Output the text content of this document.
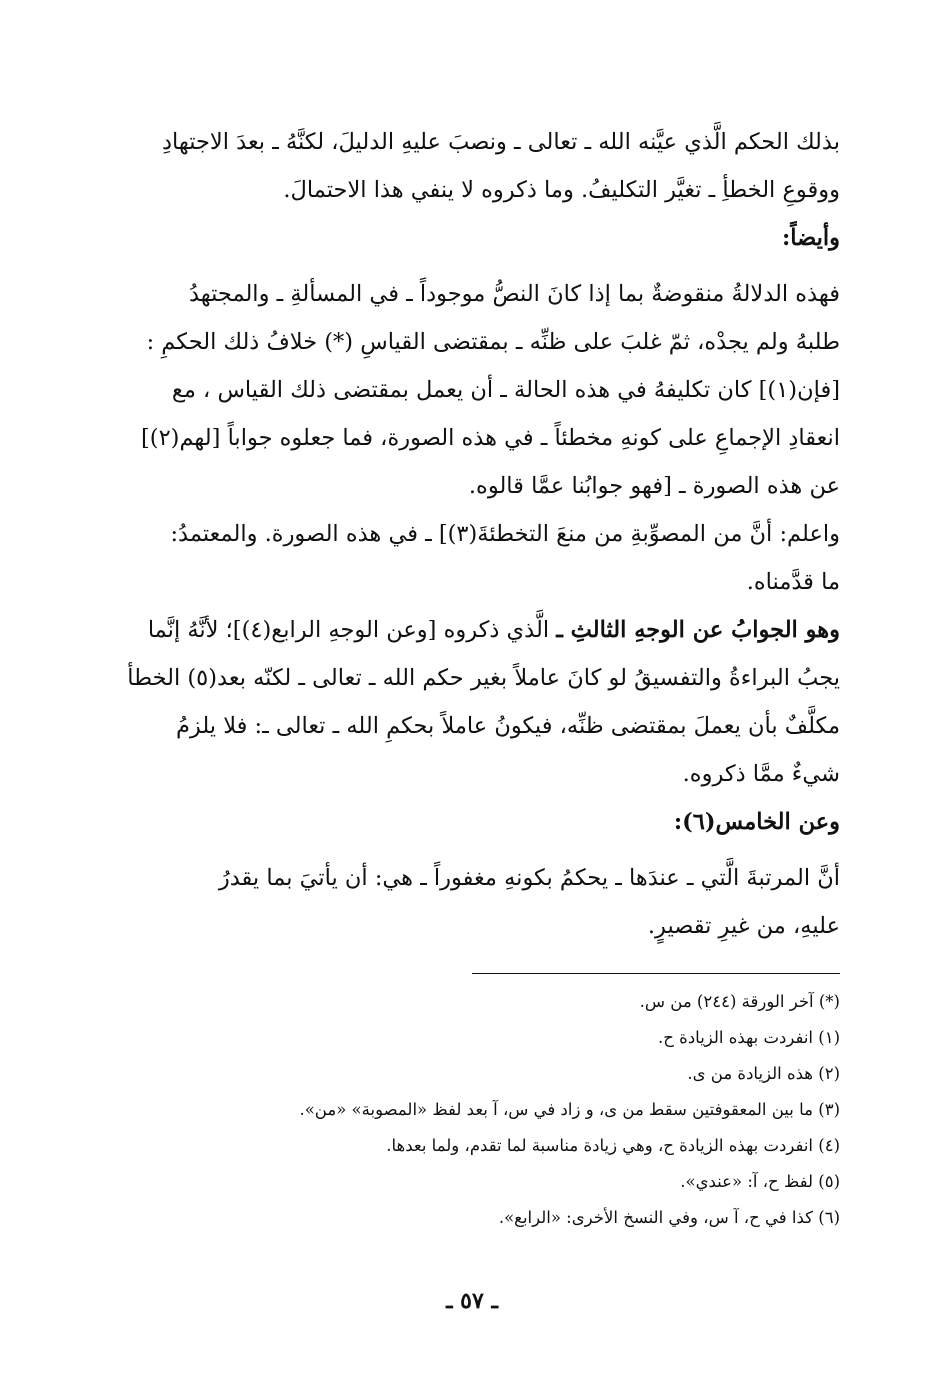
بذلك الحكم الَّذي عيَّنه الله ـ تعالى ـ ونصبَ عليهِ الدليلَ، لكنَّهُ ـ بعدَ الاجتهادِ
ووقوعِ الخطأِ ـ تغيَّر التكليفُ. وما ذكروه لا ينفي هذا الاحتمالَ.
وأيضاً:
فهذه الدلالةُ منقوضةٌ بما إذا كانَ النصُّ موجوداً ـ في المسألةِ ـ والمجتهدُ
طلبهُ ولم يجدْه، ثمّ غلبَ على ظنِّه ـ بمقتضى القياسِ (*) خلافُ ذلك الحكمِ :
[فإن(١)] كان تكليفهُ في هذه الحالة ـ أن يعمل بمقتضى ذلك القياس ، مع
انعقادِ الإجماعِ على كونهِ مخطئاً ـ في هذه الصورة، فما جعلوه جواباً [لهم(٢)]
عن هذه الصورة ـ [فهو جوابُنا عمَّا قالوه.
واعلم: أنَّ من المصوِّبةِ من منعَ التخطئةَ(٣)] ـ في هذه الصورة. والمعتمدُ:
ما قدَّمناه.
وهو الجوابُ عن الوجهِ الثالثِ ـ الَّذي ذكروه [وعن الوجهِ الرابع(٤)]؛ لأنَّهُ إنَّما
يجبُ البراءةُ والتفسيقُ لو كانَ عاملاً بغير حكم الله ـ تعالى ـ لكنّه بعد(٥) الخطأ
مكلَّفٌ بأن يعملَ بمقتضى ظنِّه، فيكونُ عاملاً بحكمِ الله ـ تعالى ـ: فلا يلزمُ
شيءٌ ممَّا ذكروه.
وعن الخامس(٦):
أنَّ المرتبةَ الَّتي ـ عندَها ـ يحكمُ بكونهِ مغفوراً ـ هي: أن يأتيَ بما يقدرُ
عليهِ، من غيرِ تقصيرٍ.
(*) آخر الورقة (٢٤٤) من س.
(١) انفردت بهذه الزيادة ح.
(٢) هذه الزيادة من ى.
(٣) ما بين المعقوفتين سقط من ى، و زاد في س، آ بعد لفظ «المصوبة» «من».
(٤) انفردت بهذه الزيادة ح، وهي زيادة مناسبة لما تقدم، ولما بعدها.
(٥) لفظ ح، آ: «عندي».
(٦) كذا في ح، آ س، وفي النسخ الأخرى: «الرابع».
ـ ٥٧ ـ
